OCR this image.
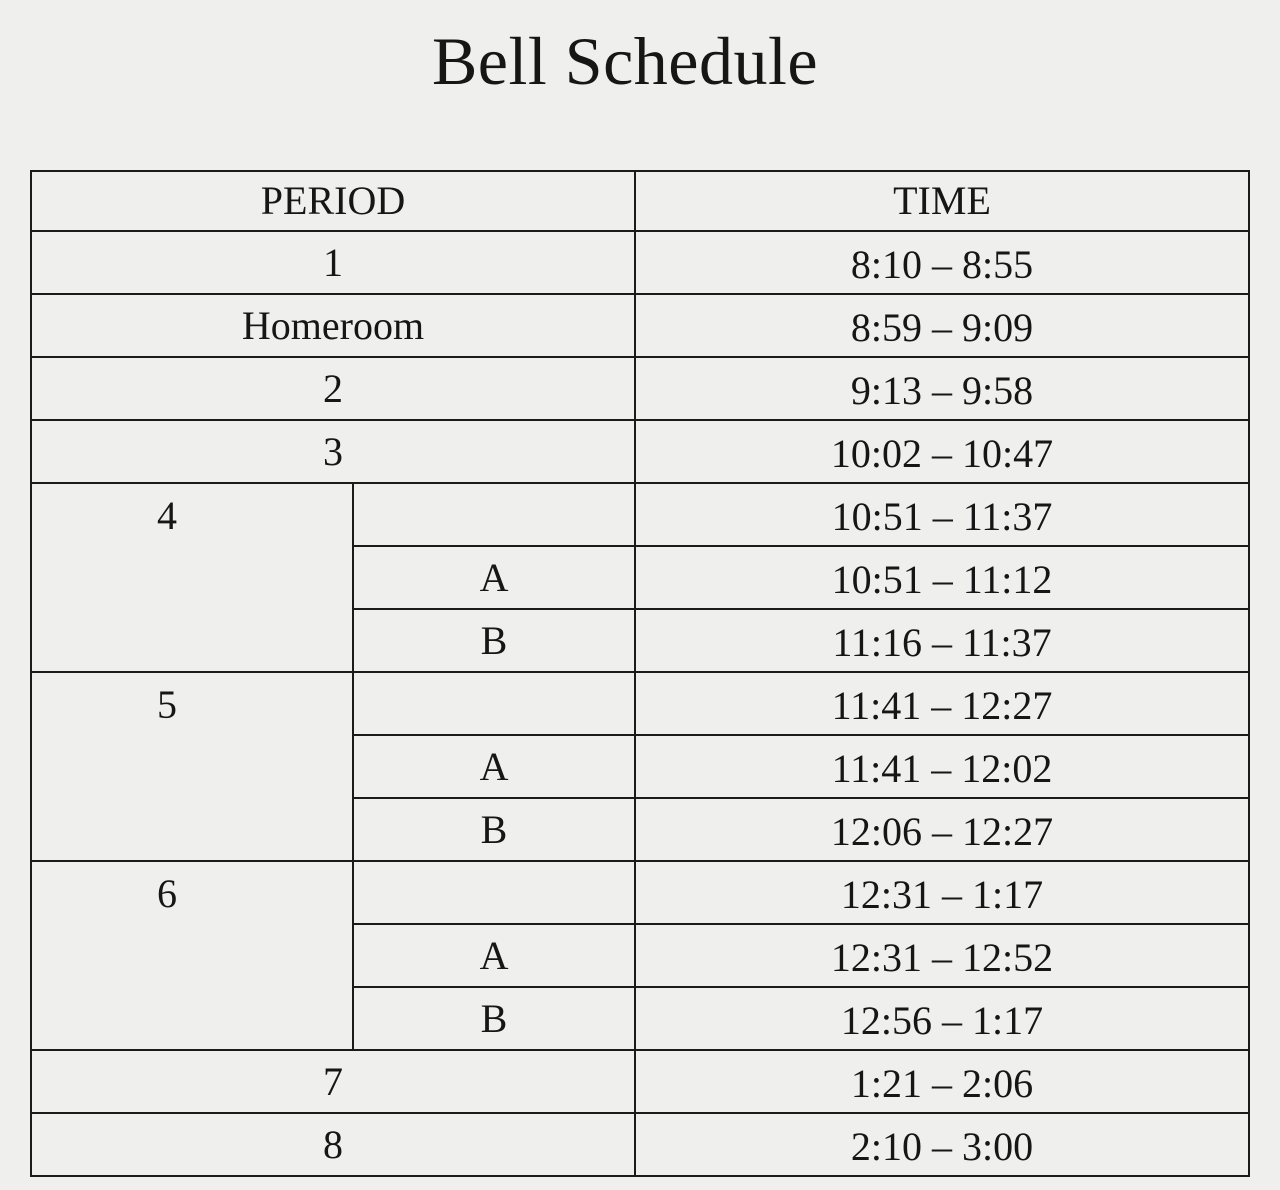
Bell Schedule
PERIOD		TIME
1		8:10 – 8:55
Homeroom		8:59 – 9:09
2		9:13 – 9:58
3		10:02 – 10:47
4		10:51 – 11:37
	A	10:51 – 11:12
	B	11:16 – 11:37
5		11:41 – 12:27
	A	11:41 – 12:02
	B	12:06 – 12:27
6		12:31 – 1:17
	A	12:31 – 12:52
	B	12:56 – 1:17
7		1:21 – 2:06
8		2:10 – 3:00
